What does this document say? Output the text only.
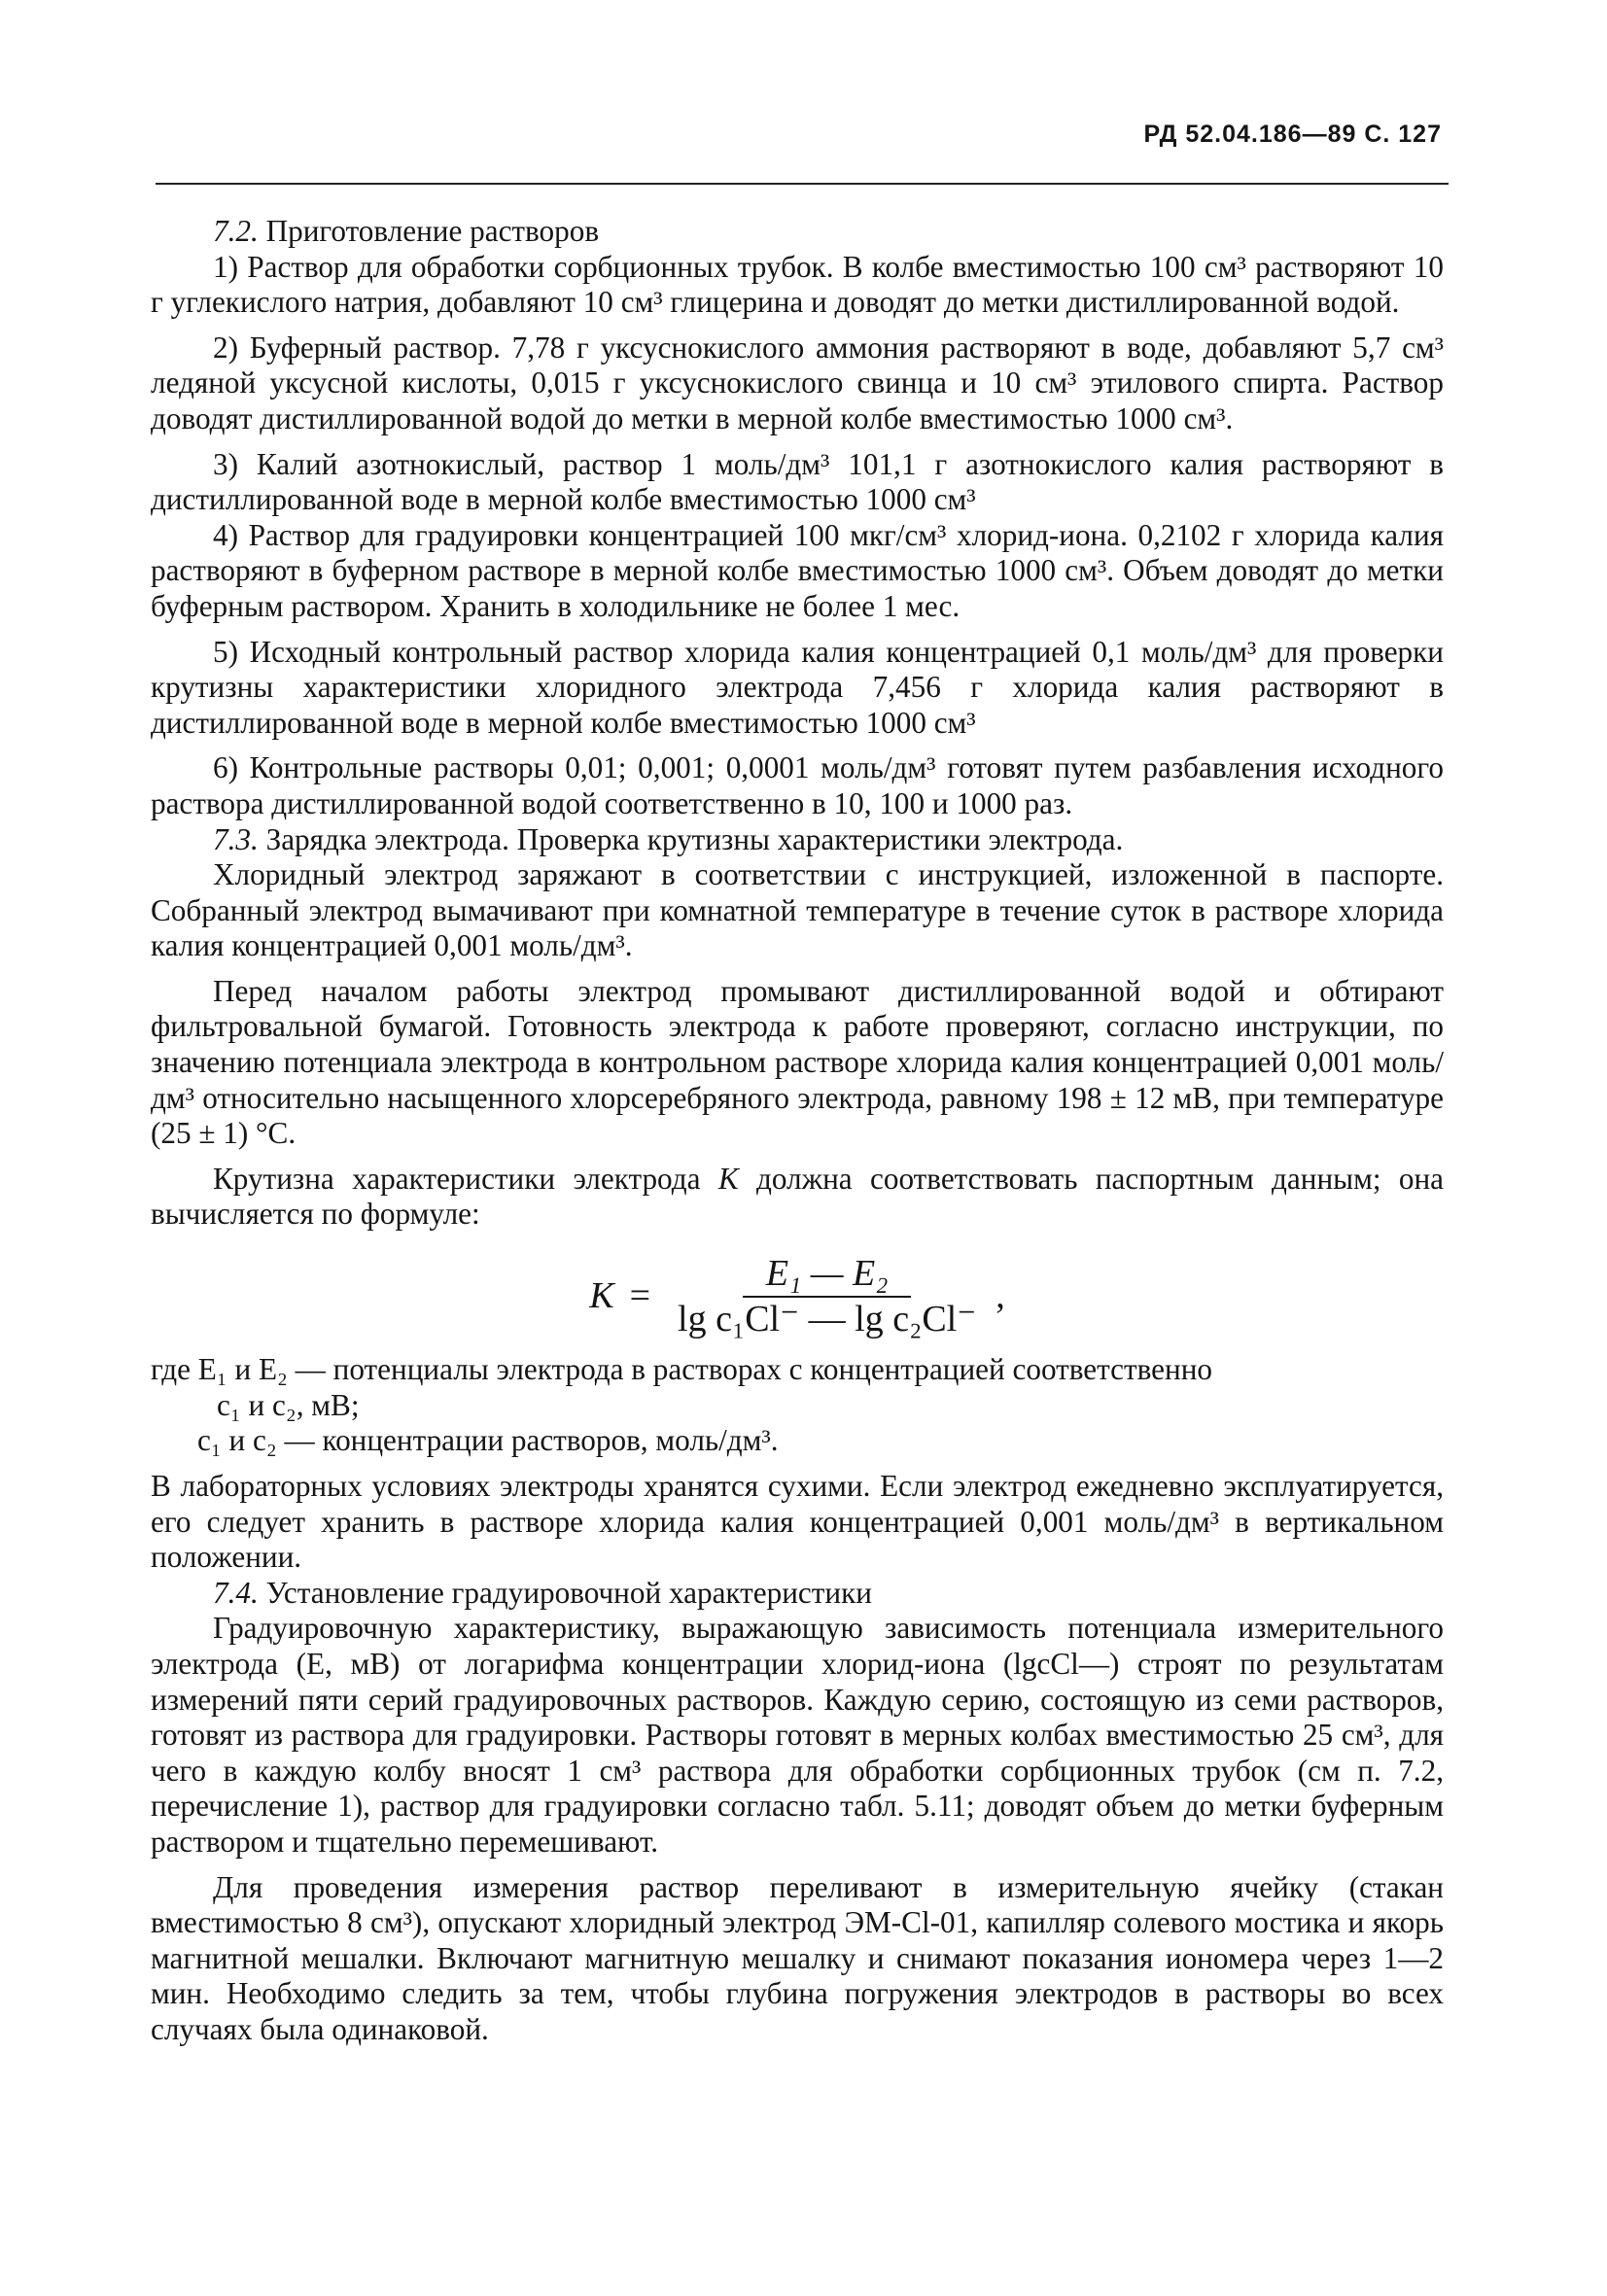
РД 52.04.186—89 С. 127

7.2. Приготовление растворов

1) Раствор для обработки сорбционных трубок. В колбе вместимостью 100 см³ растворяют 10 г углекислого натрия, добавляют 10 см³ глицерина и доводят до метки дистиллированной водой.

2) Буферный раствор. 7,78 г уксуснокислого аммония растворяют в воде, добавляют 5,7 см³ ледяной уксусной кислоты, 0,015 г уксуснокислого свинца и 10 см³ этилового спирта. Раствор доводят дистиллированной водой до метки в мерной колбе вместимостью 1000 см³.

3) Калий азотнокислый, раствор 1 моль/дм³ 101,1 г азотнокислого калия растворяют в дистиллированной воде в мерной колбе вместимостью 1000 см³

4) Раствор для градуировки концентрацией 100 мкг/см³ хлорид-иона. 0,2102 г хлорида калия растворяют в буферном растворе в мерной колбе вместимостью 1000 см³. Объем доводят до метки буферным раствором. Хранить в холодильнике не более 1 мес.

5) Исходный контрольный раствор хлорида калия концентрацией 0,1 моль/дм³ для проверки крутизны характеристики хлоридного электрода 7,456 г хлорида калия растворяют в дистиллированной воде в мерной колбе вместимостью 1000 см³

6) Контрольные растворы 0,01; 0,001; 0,0001 моль/дм³ готовят путем разбавления исходного раствора дистиллированной водой соответственно в 10, 100 и 1000 раз.

7.3. Зарядка электрода. Проверка крутизны характеристики электрода.

Хлоридный электрод заряжают в соответствии с инструкцией, изложенной в паспорте. Собранный электрод вымачивают при комнатной температуре в течение суток в растворе хлорида калия концентрацией 0,001 моль/дм³.

Перед началом работы электрод промывают дистиллированной водой и обтирают фильтровальной бумагой. Готовность электрода к работе проверяют, согласно инструкции, по значению потенциала электрода в контрольном растворе хлорида калия концентрацией 0,001 моль/дм³ относительно насыщенного хлорсеребряного электрода, равному 198 ± 12 мВ, при температуре (25 ± 1) °С.

Крутизна характеристики электрода К должна соответствовать паспортным данным; она вычисляется по формуле:

$K = \frac{\text{E₁ — E₂}}{\text{lg c₁Cl⁻ — lg c₂Cl⁻}}$ ,

где E₁ и E₂ — потенциалы электрода в растворах с концентрацией соответственно

c₁ и c₂, мВ;

c₁ и c₂ — концентрации растворов, моль/дм³.

В лабораторных условиях электроды хранятся сухими. Если электрод ежедневно эксплуатируется, его следует хранить в растворе хлорида калия концентрацией 0,001 моль/дм³ в вертикальном положении.

7.4. Установление градуировочной характеристики

Градуировочную характеристику, выражающую зависимость потенциала измерительного электрода (Е, мВ) от логарифма концентрации хлорид-иона (lgcCl—) строят по результатам измерений пяти серий градуировочных растворов. Каждую серию, состоящую из семи растворов, готовят из раствора для градуировки. Растворы готовят в мерных колбах вместимостью 25 см³, для чего в каждую колбу вносят 1 см³ раствора для обработки сорбционных трубок (см п. 7.2, перечисление 1), раствор для градуировки согласно табл. 5.11; доводят объем до метки буферным раствором и тщательно перемешивают.

Для проведения измерения раствор переливают в измерительную ячейку (стакан вместимостью 8 см³), опускают хлоридный электрод ЭМ-Cl-01, капилляр солевого мостика и якорь магнитной мешалки. Включают магнитную мешалку и снимают показания иономера через 1—2 мин. Необходимо следить за тем, чтобы глубина погружения электродов в растворы во всех случаях была одинаковой.
